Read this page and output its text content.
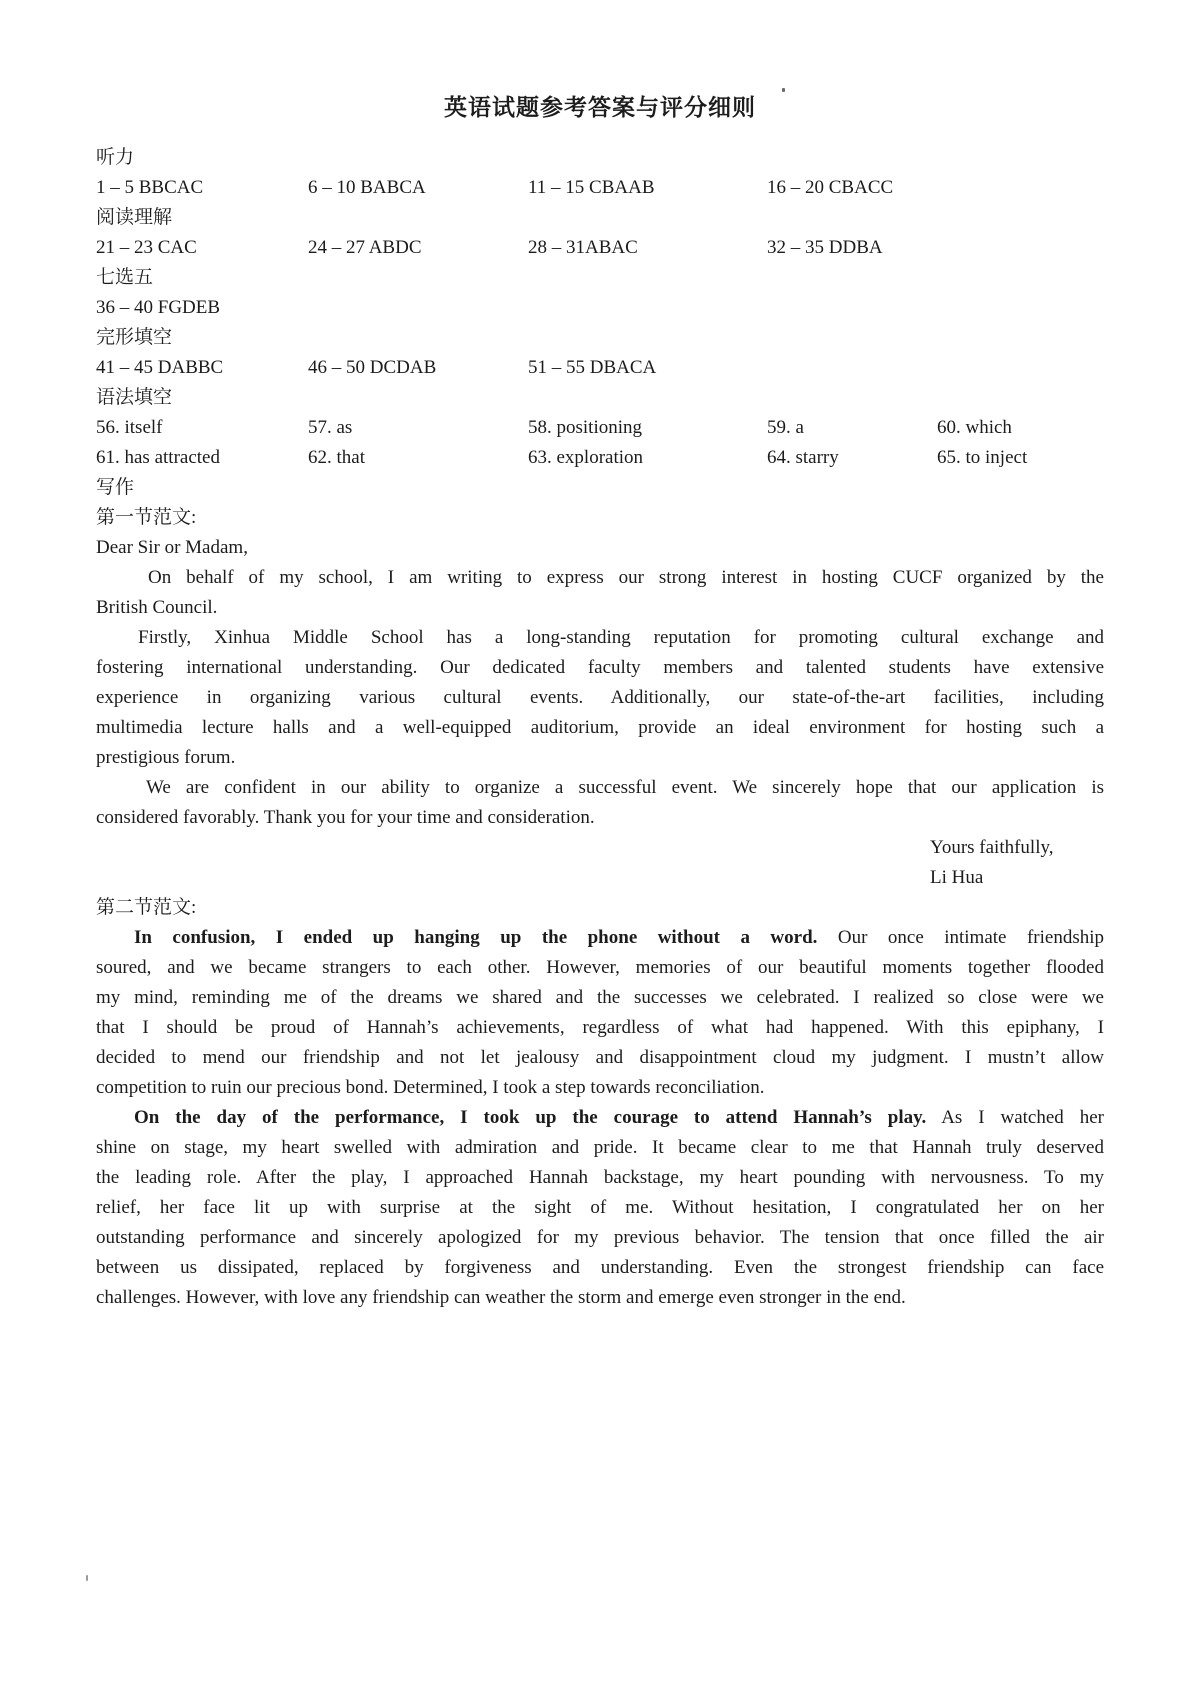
英语试题参考答案与评分细则
听力
1 – 5 BBCAC	6 – 10 BABCA	11 – 15 CBAAB	16 – 20 CBACC
阅读理解
21 – 23 CAC	24 – 27 ABDC	28 – 31ABAC	32 – 35 DDBA
七选五
36 – 40 FGDEB
完形填空
41 – 45 DABBC	46 – 50 DCDAB	51 – 55 DBACA
语法填空
56. itself	57. as	58. positioning	59. a	60. which
61. has attracted	62. that	63. exploration	64. starry	65. to inject
写作
第一节范文:
Dear Sir or Madam,
On behalf of my school, I am writing to express our strong interest in hosting CUCF organized by the
British Council.
Firstly, Xinhua Middle School has a long-standing reputation for promoting cultural exchange and
fostering international understanding. Our dedicated faculty members and talented students have extensive
experience in organizing various cultural events. Additionally, our state-of-the-art facilities, including
multimedia lecture halls and a well-equipped auditorium, provide an ideal environment for hosting such a
prestigious forum.
We are confident in our ability to organize a successful event. We sincerely hope that our application is
considered favorably. Thank you for your time and consideration.
Yours faithfully,
Li Hua
第二节范文:
In confusion, I ended up hanging up the phone without a word. Our once intimate friendship
soured, and we became strangers to each other. However, memories of our beautiful moments together flooded
my mind, reminding me of the dreams we shared and the successes we celebrated. I realized so close were we
that I should be proud of Hannah’s achievements, regardless of what had happened. With this epiphany, I
decided to mend our friendship and not let jealousy and disappointment cloud my judgment. I mustn’t allow
competition to ruin our precious bond. Determined, I took a step towards reconciliation.
On the day of the performance, I took up the courage to attend Hannah’s play. As I watched her
shine on stage, my heart swelled with admiration and pride. It became clear to me that Hannah truly deserved
the leading role. After the play, I approached Hannah backstage, my heart pounding with nervousness. To my
relief, her face lit up with surprise at the sight of me. Without hesitation, I congratulated her on her
outstanding performance and sincerely apologized for my previous behavior. The tension that once filled the air
between us dissipated, replaced by forgiveness and understanding. Even the strongest friendship can face
challenges. However, with love any friendship can weather the storm and emerge even stronger in the end.
